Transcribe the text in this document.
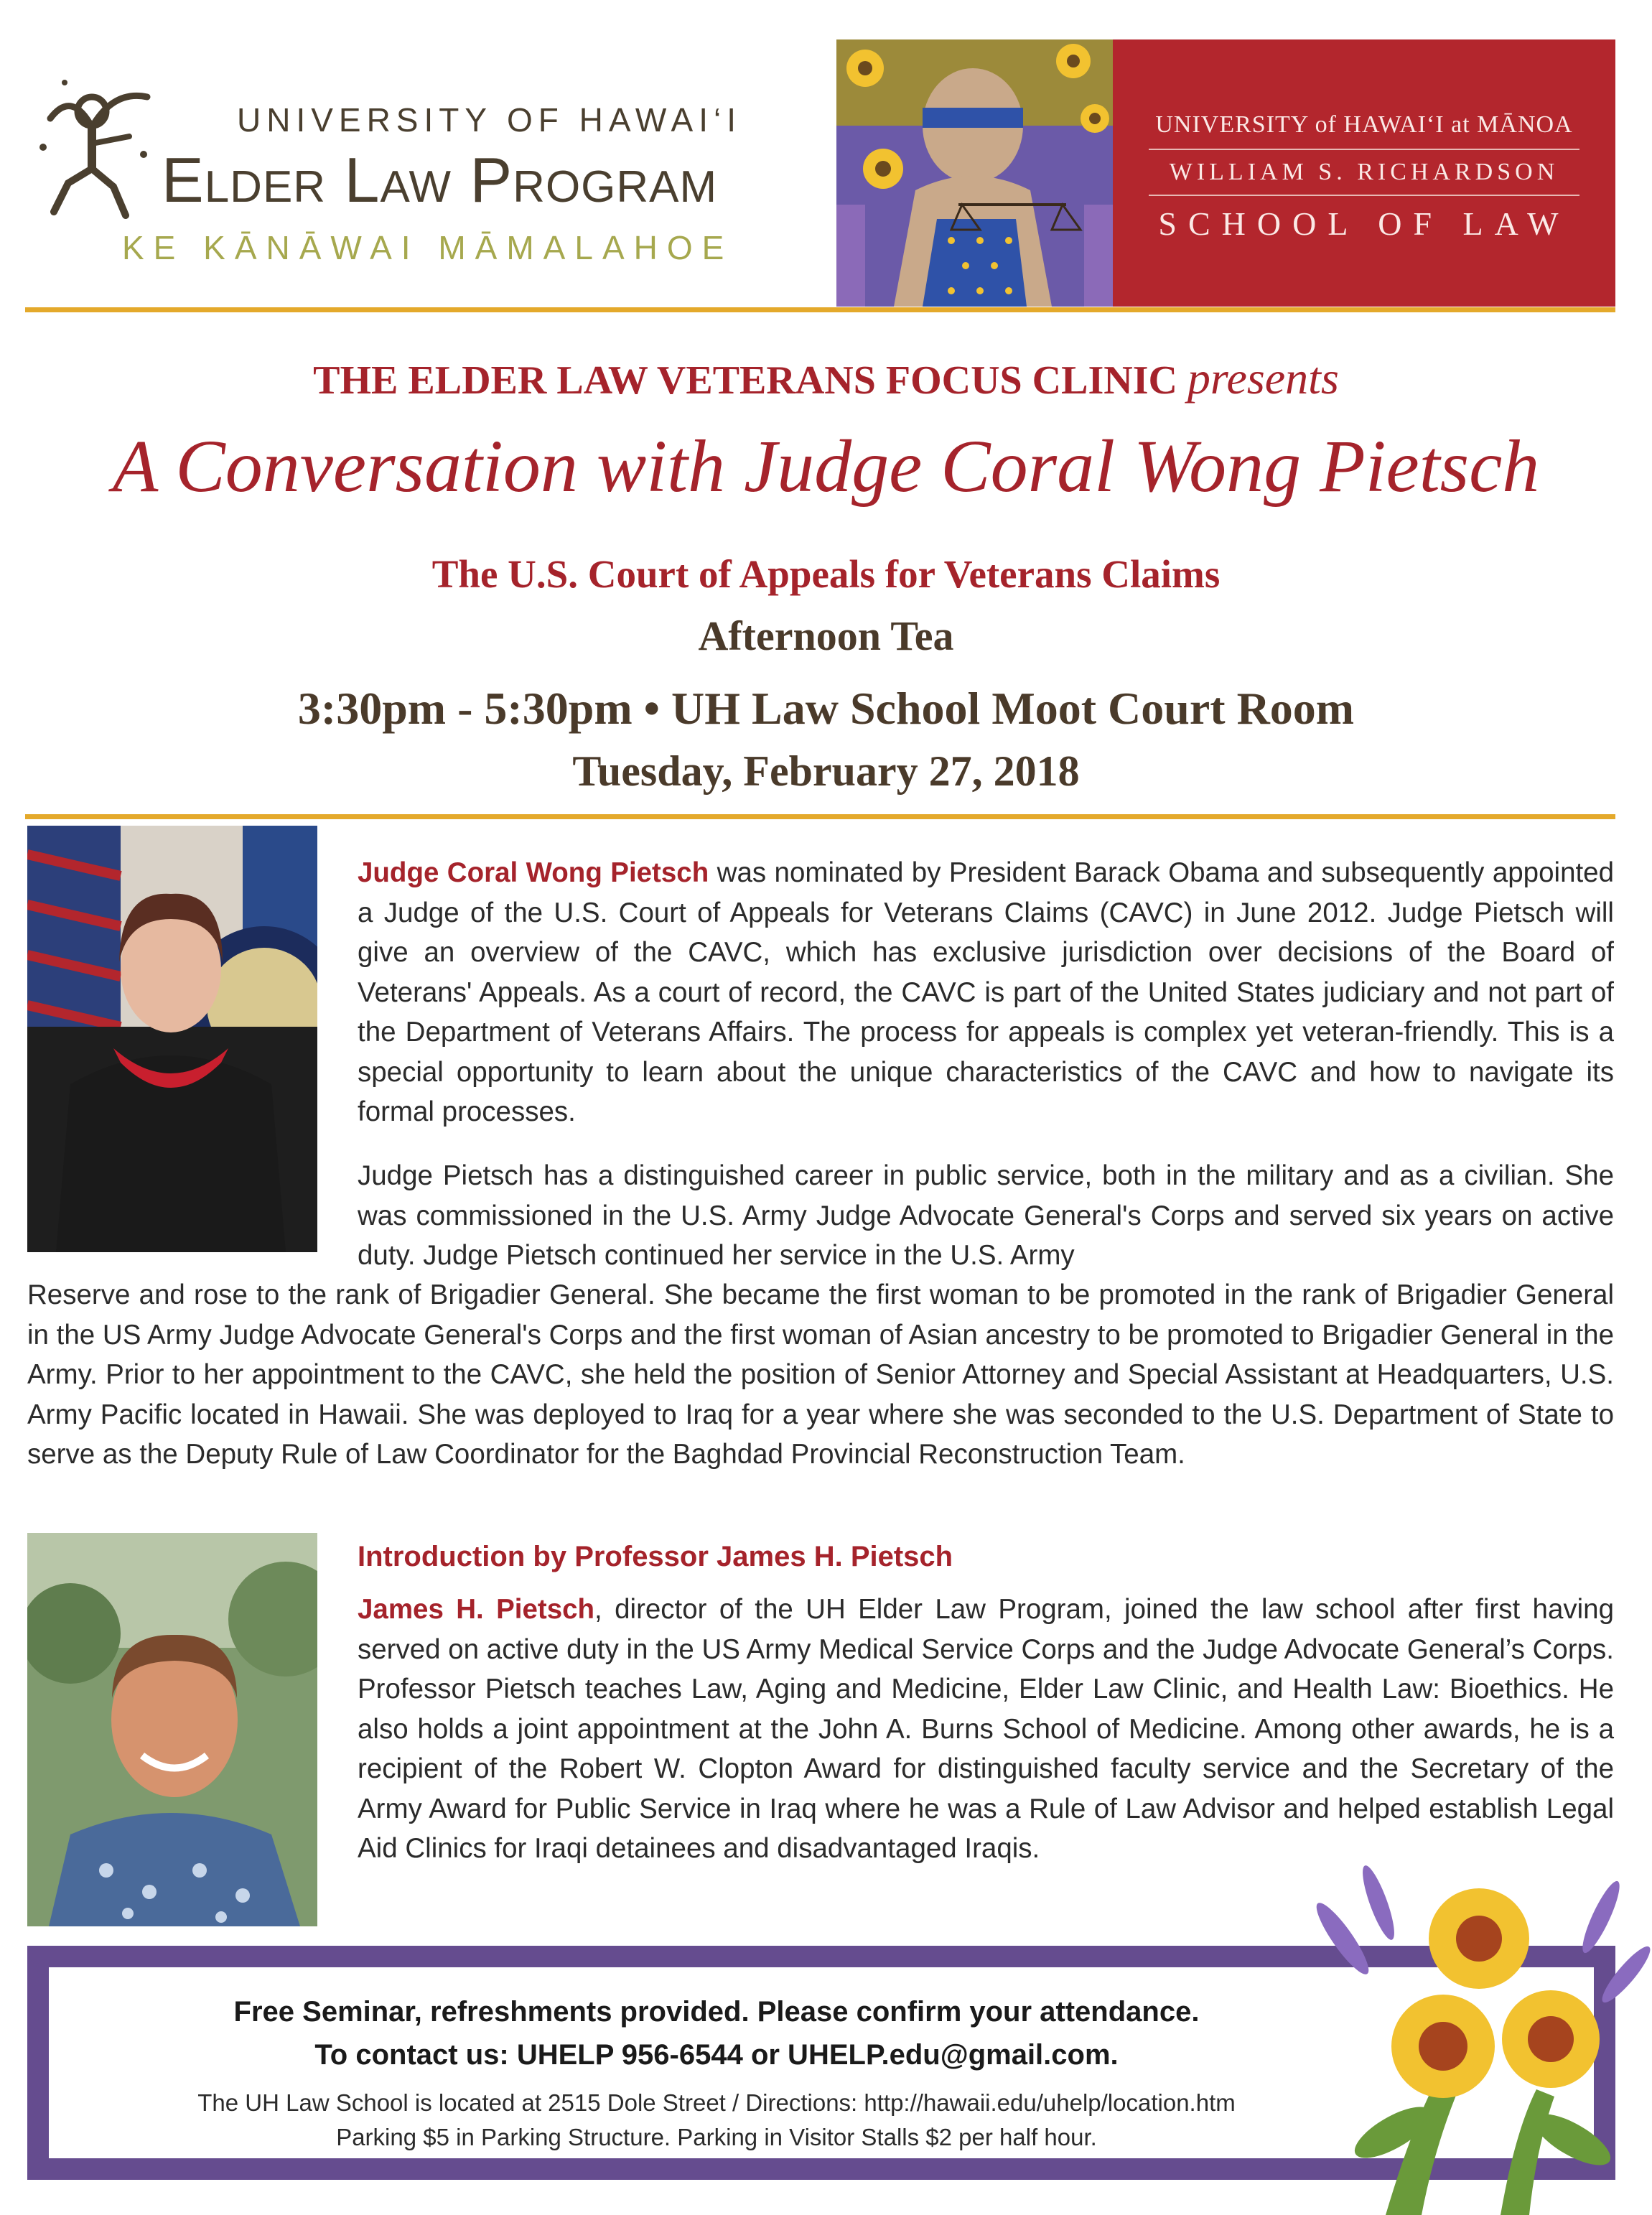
UNIVERSITY OF HAWAI‘I
Elder Law Program
KE KĀNĀWAI MĀMALAHOE
UNIVERSITY of HAWAI‘I at MĀNOA
WILLIAM S. RICHARDSON
SCHOOL OF LAW
THE ELDER LAW VETERANS FOCUS CLINIC presents
A Conversation with Judge Coral Wong Pietsch
The U.S. Court of Appeals for Veterans Claims
Afternoon Tea
3:30pm - 5:30pm • UH Law School Moot Court Room
Tuesday, February 27, 2018
Judge Coral Wong Pietsch was nominated by President Barack Obama and subsequently appointed a Judge of the U.S. Court of Appeals for Veterans Claims (CAVC) in June 2012. Judge Pietsch will give an overview of the CAVC, which has exclusive jurisdiction over decisions of the Board of Veterans' Appeals. As a court of record, the CAVC is part of the United States judiciary and not part of the Department of Veterans Affairs. The process for appeals is complex yet veteran-friendly. This is a special opportunity to learn about the unique characteristics of the CAVC and how to navigate its formal processes.
Judge Pietsch has a distinguished career in public service, both in the military and as a civilian. She was commissioned in the U.S. Army Judge Advocate General's Corps and served six years on active duty. Judge Pietsch continued her service in the U.S. Army
Reserve and rose to the rank of Brigadier General. She became the first woman to be promoted in the rank of Brigadier General in the US Army Judge Advocate General's Corps and the first woman of Asian ancestry to be promoted to Brigadier General in the Army. Prior to her appointment to the CAVC, she held the position of Senior Attorney and Special Assistant at Headquarters, U.S. Army Pacific located in Hawaii. She was deployed to Iraq for a year where she was seconded to the U.S. Department of State to serve as the Deputy Rule of Law Coordinator for the Baghdad Provincial Reconstruction Team.
Introduction by Professor James H. Pietsch
James H. Pietsch, director of the UH Elder Law Program, joined the law school after first having served on active duty in the US Army Medical Service Corps and the Judge Advocate General’s Corps. Professor Pietsch teaches Law, Aging and Medicine, Elder Law Clinic, and Health Law: Bioethics. He also holds a joint appointment at the John A. Burns School of Medicine. Among other awards, he is a recipient of the Robert W. Clopton Award for distinguished faculty service and the Secretary of the Army Award for Public Service in Iraq where he was a Rule of Law Advisor and helped establish Legal Aid Clinics for Iraqi detainees and disadvantaged Iraqis.
Free Seminar, refreshments provided. Please confirm your attendance.
To contact us: UHELP 956-6544 or UHELP.edu@gmail.com.
The UH Law School is located at 2515 Dole Street / Directions: http://hawaii.edu/uhelp/location.htm
Parking $5 in Parking Structure. Parking in Visitor Stalls $2 per half hour.
